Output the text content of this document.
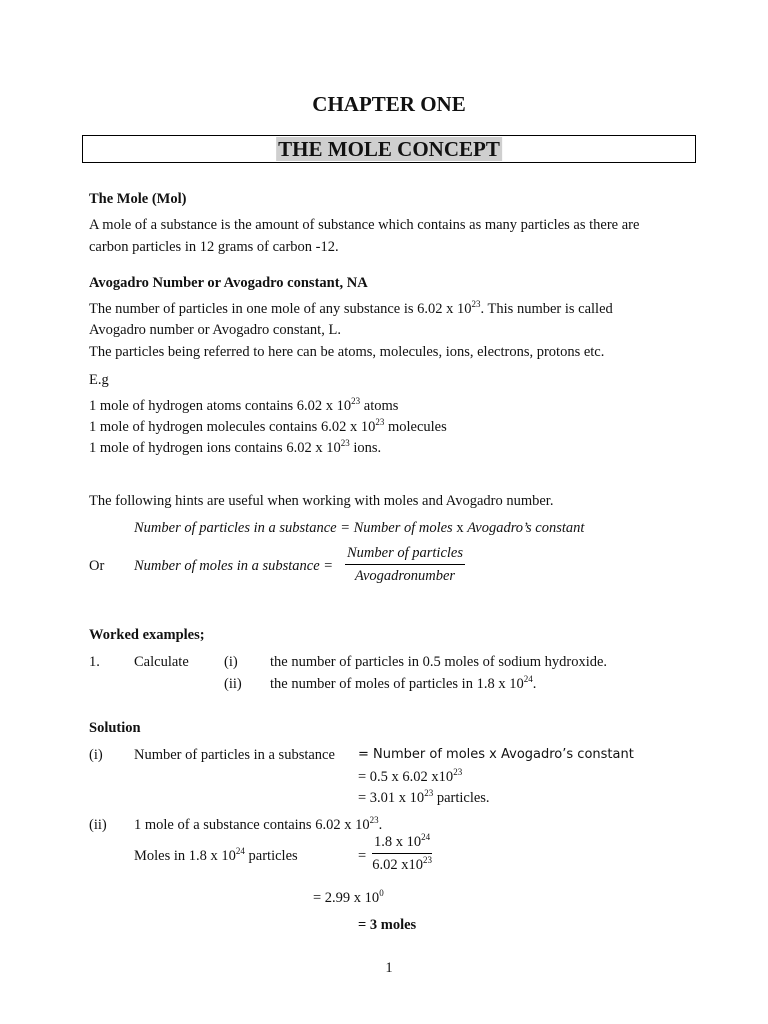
CHAPTER ONE
THE MOLE CONCEPT
The Mole (Mol)
A mole of a substance is the amount of substance which contains as many particles as there are
carbon particles in 12 grams of carbon -12.
Avogadro Number or Avogadro constant, NA
The number of particles in one mole of any substance is 6.02 x $10^{23}$. This number is called
Avogadro number or Avogadro constant, L.
The particles being referred to here can be atoms, molecules, ions, electrons, protons etc.
E.g
1 mole of hydrogen atoms contains 6.02 x $10^{23}$ atoms
1 mole of hydrogen molecules contains 6.02 x $10^{23}$ molecules
1 mole of hydrogen ions contains 6.02 x $10^{23}$ ions.
The following hints are useful when working with moles and Avogadro number.
Number of particles in a substance = Number of moles x Avogadro’s constant
Or Number of moles in a substance =
Number of particles
Avogadronumber
Worked examples;
1. Calculate (i) the number of particles in 0.5 moles of sodium hydroxide.
(ii) the number of moles of particles in 1.8 x $10^{24}$.
Solution
(i) Number of particles in a substance = Number of moles x Avogadro’s constant
= 0.5 x 6.02 $x10^{23}$
= 3.01 x $10^{23}$ particles.
(ii) 1 mole of a substance contains 6.02 x $10^{23}$.
Moles in 1.8 x $10^{24}$ particles	= $\frac{1.8 x 10^{24}}{6.02 x10^{23}}$
= 2.99 x $10^0$
= 3 moles
1
